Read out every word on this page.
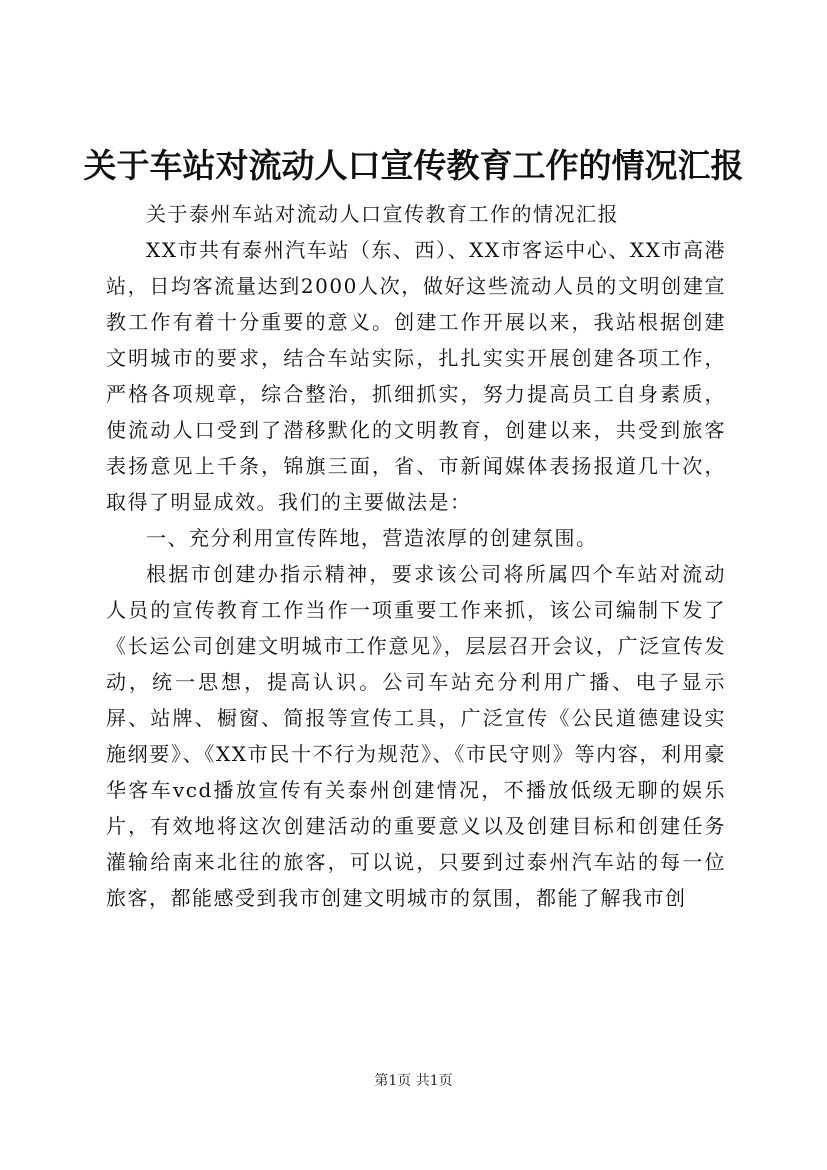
关于车站对流动人口宣传教育工作的情况汇报

关于泰州车站对流动人口宣传教育工作的情况汇报

XX市共有泰州汽车站（东、西）、XX市客运中心、XX市高港站，日均客流量达到2000人次，做好这些流动人员的文明创建宣教工作有着十分重要的意义。创建工作开展以来，我站根据创建文明城市的要求，结合车站实际，扎扎实实开展创建各项工作，严格各项规章，综合整治，抓细抓实，努力提高员工自身素质，使流动人口受到了潜移默化的文明教育，创建以来，共受到旅客表扬意见上千条，锦旗三面，省、市新闻媒体表扬报道几十次，取得了明显成效。我们的主要做法是：

一、充分利用宣传阵地，营造浓厚的创建氛围。

根据市创建办指示精神，要求该公司将所属四个车站对流动人员的宣传教育工作当作一项重要工作来抓，该公司编制下发了《长运公司创建文明城市工作意见》，层层召开会议，广泛宣传发动，统一思想，提高认识。公司车站充分利用广播、电子显示屏、站牌、橱窗、简报等宣传工具，广泛宣传《公民道德建设实施纲要》、《XX市民十不行为规范》、《市民守则》等内容，利用豪华客车vcd播放宣传有关泰州创建情况，不播放低级无聊的娱乐片，有效地将这次创建活动的重要意义以及创建目标和创建任务灌输给南来北往的旅客，可以说，只要到过泰州汽车站的每一位旅客，都能感受到我市创建文明城市的氛围，都能了解我市创

第1页 共1页
